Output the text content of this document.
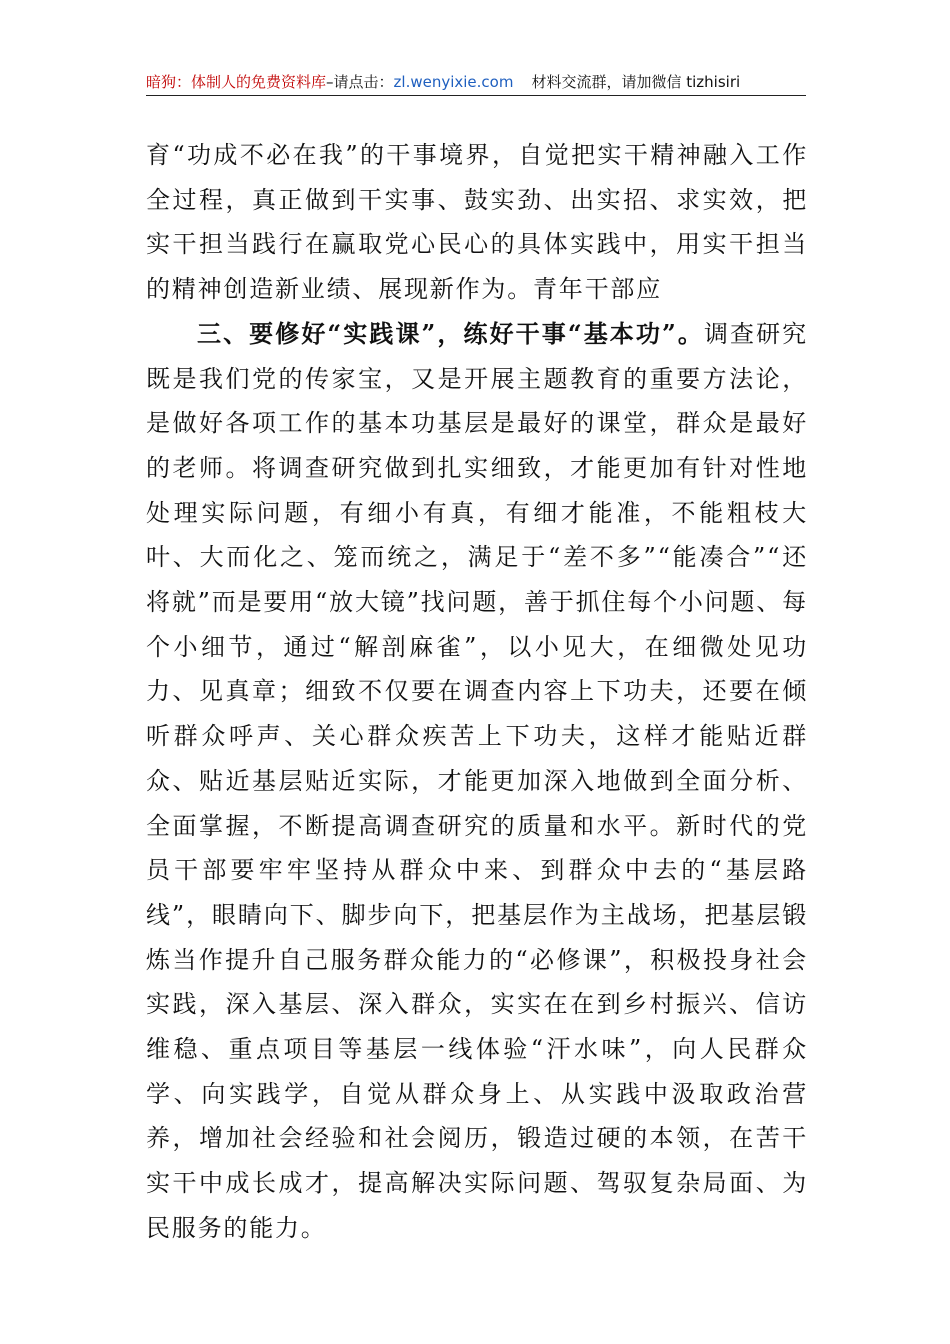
暗狗：体制人的免费资料库–请点击：zl.wenyixie.com 材料交流群，请加微信 tizhisiri

育“功成不必在我”的干事境界，自觉把实干精神融入工作全过程，真正做到干实事、鼓实劲、出实招、求实效，把实干担当践行在赢取党心民心的具体实践中，用实干担当的精神创造新业绩、展现新作为。青年干部应

三、要修好“实践课”，练好干事“基本功”。调查研究既是我们党的传家宝，又是开展主题教育的重要方法论，是做好各项工作的基本功基层是最好的课堂，群众是最好的老师。将调查研究做到扎实细致，才能更加有针对性地处理实际问题，有细小有真，有细才能准，不能粗枝大叶、大而化之、笼而统之，满足于“差不多”“能凑合”“还将就”而是要用“放大镜”找问题，善于抓住每个小问题、每个小细节，通过“解剖麻雀”，以小见大，在细微处见功力、见真章；细致不仅要在调查内容上下功夫，还要在倾听群众呼声、关心群众疾苦上下功夫，这样才能贴近群众、贴近基层贴近实际，才能更加深入地做到全面分析、全面掌握，不断提高调查研究的质量和水平。新时代的党员干部要牢牢坚持从群众中来、到群众中去的“基层路线”，眼睛向下、脚步向下，把基层作为主战场，把基层锻炼当作提升自己服务群众能力的“必修课”，积极投身社会实践，深入基层、深入群众，实实在在到乡村振兴、信访维稳、重点项目等基层一线体验“汗水味”，向人民群众学、向实践学，自觉从群众身上、从实践中汲取政治营养，增加社会经验和社会阅历，锻造过硬的本领，在苦干实干中成长成才，提高解决实际问题、驾驭复杂局面、为民服务的能力。
